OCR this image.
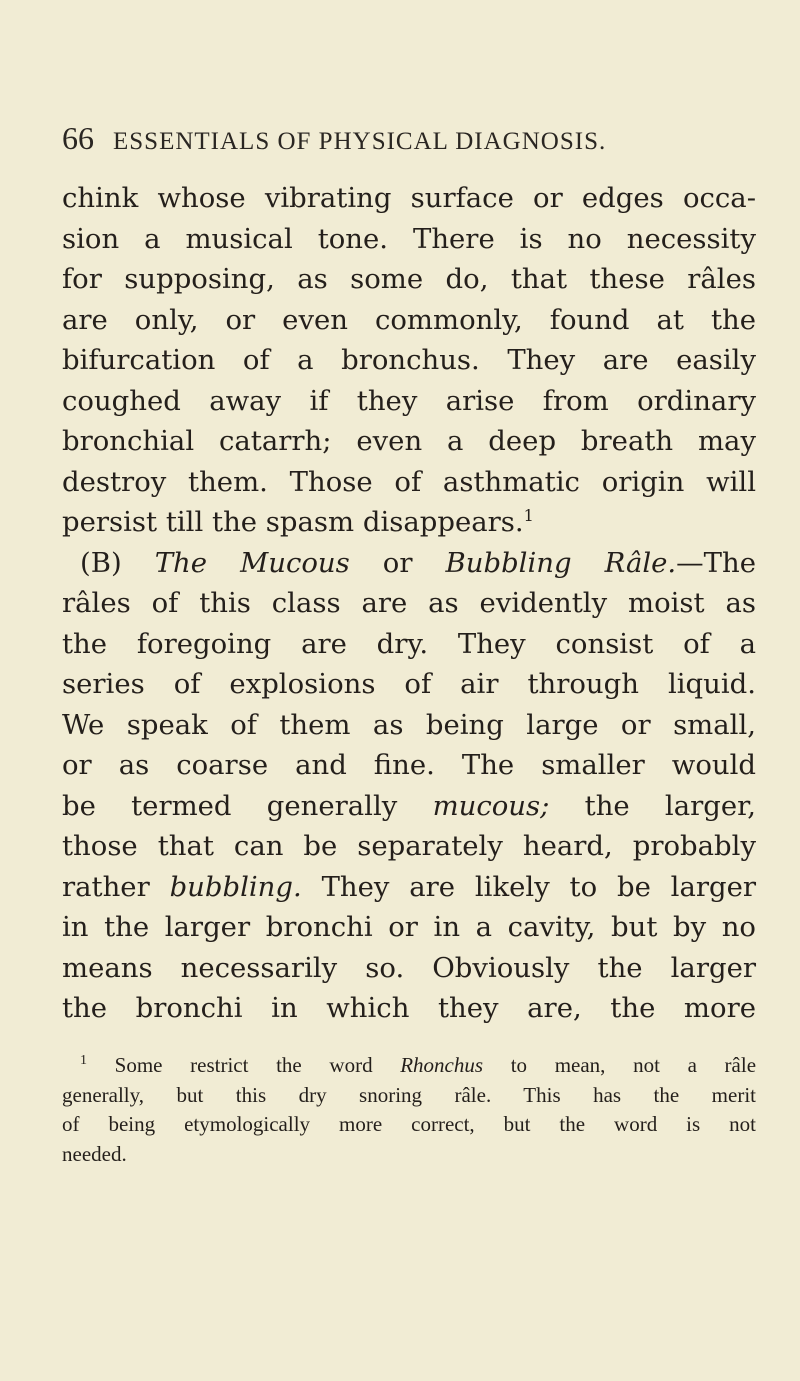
66 ESSENTIALS OF PHYSICAL DIAGNOSIS.
chink whose vibrating surface or edges occa-
sion a musical tone. There is no necessity
for supposing, as some do, that these râles
are only, or even commonly, found at the
bifurcation of a bronchus. They are easily
coughed away if they arise from ordinary
bronchial catarrh; even a deep breath may
destroy them. Those of asthmatic origin will
persist till the spasm disappears.$^1$
(B) The Mucous or Bubbling Râle.—The
râles of this class are as evidently moist as
the foregoing are dry. They consist of a
series of explosions of air through liquid.
We speak of them as being large or small,
or as coarse and fine. The smaller would
be termed generally mucous; the larger,
those that can be separately heard, probably
rather bubbling. They are likely to be larger
in the larger bronchi or in a cavity, but by no
means necessarily so. Obviously the larger
the bronchi in which they are, the more
$^1$ Some restrict the word Rhonchus to mean, not a râle
generally, but this dry snoring râle. This has the merit
of being etymologically more correct, but the word is not
needed.
